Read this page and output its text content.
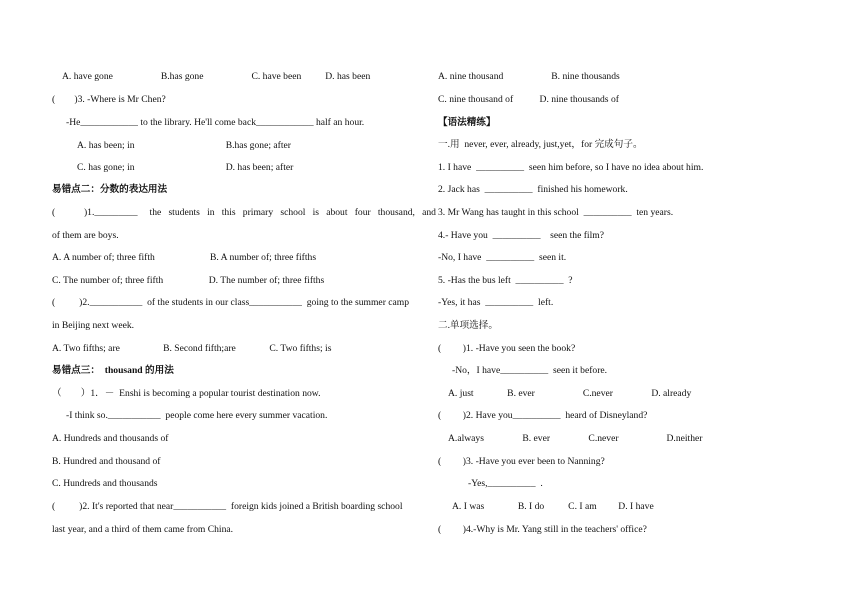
A. have gone                    B.has gone                    C. have been          D. has been
(        )3. -Where is Mr Chen?
-He____________ to the library. He'll come back____________ half an hour.
A. has been; in                                      B.has gone; after
C. has gone; in                                      D. has been; after
易错点二：分数的表达用法
(            )1._________     the   students   in   this   primary   school   is   about   four   thousand,   and
of them are boys.
A. A number of; three fifth                       B. A number of; three fifths
C. The number of; three fifth                   D. The number of; three fifths
(          )2.___________  of the students in our class___________  going to the summer camp
in Beijing next week.
A. Two fifths; are                  B. Second fifth;are              C. Two fifths; is
易错点三：  thousand 的用法
（        ）1．－  Enshi is becoming a popular tourist destination now.
-I think so.___________  people come here every summer vacation.
A. Hundreds and thousands of
B. Hundred and thousand of
C. Hundreds and thousands
(          )2. It's reported that near___________  foreign kids joined a British boarding school
last year, and a third of them came from China.
A. nine thousand                    B. nine thousands
C. nine thousand of           D. nine thousands of
【语法精练】
一.用  never, ever, already, just,yet，for 完成句子。
1. I have  __________  seen him before, so I have no idea about him.
2. Jack has  __________  finished his homework.
3. Mr Wang has taught in this school  __________  ten years.
4.- Have you  __________    seen the film?
-No, I have  __________  seen it.
5. -Has the bus left  __________  ?
-Yes, it has  __________  left.
二.单项选择。
(         )1. -Have you seen the book?
-No，I have__________  seen it before.
A. just              B. ever                    C.never                D. already
(         )2. Have you__________  heard of Disneyland?
A.always                B. ever                C.never                    D.neither
(         )3. -Have you ever been to Nanning?
-Yes,__________  .
A. I was              B. I do          C. I am         D. I have
(         )4.-Why is Mr. Yang still in the teachers' office?
